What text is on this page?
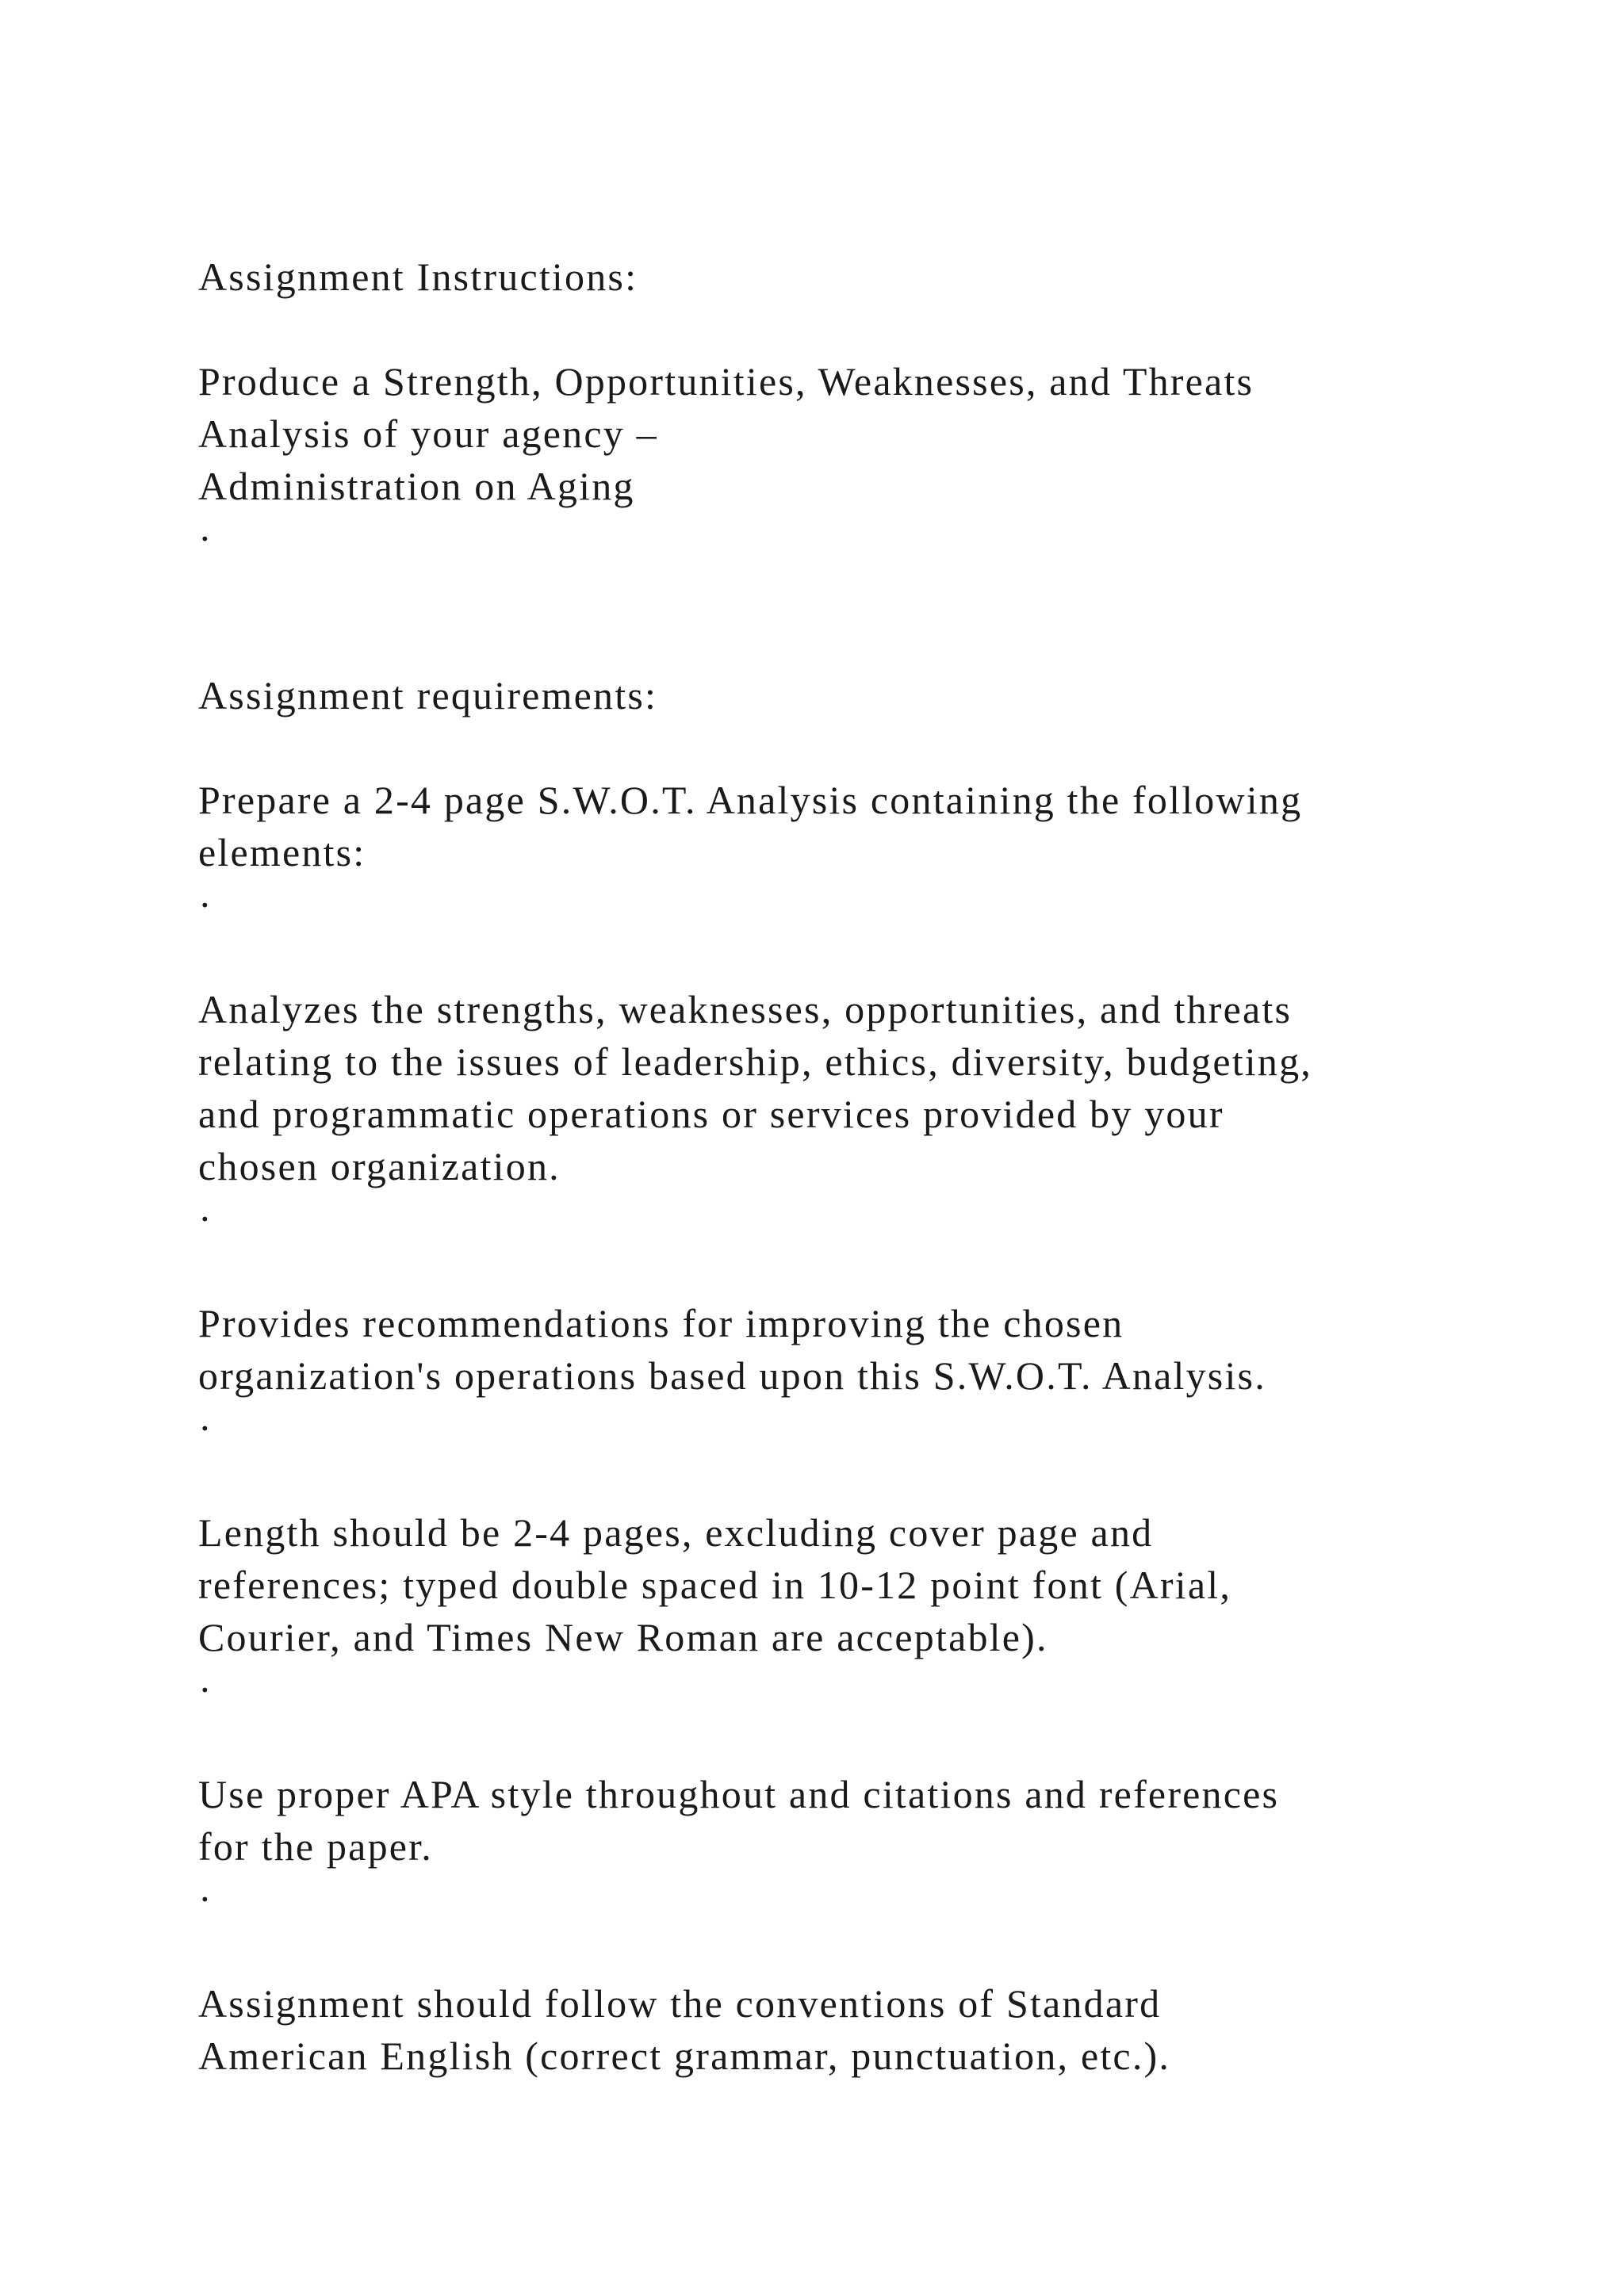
Assignment Instructions:
Produce a Strength, Opportunities, Weaknesses, and Threats
Analysis of your agency –
Administration on Aging
·
Assignment requirements:
Prepare a 2-4 page S.W.O.T. Analysis containing the following
elements:
·
Analyzes the strengths, weaknesses, opportunities, and threats
relating to the issues of leadership, ethics, diversity, budgeting,
and programmatic operations or services provided by your
chosen organization.
·
Provides recommendations for improving the chosen
organization's operations based upon this S.W.O.T. Analysis.
·
Length should be 2-4 pages, excluding cover page and
references; typed double spaced in 10-12 point font (Arial,
Courier, and Times New Roman are acceptable).
·
Use proper APA style throughout and citations and references
for the paper.
·
Assignment should follow the conventions of Standard
American English (correct grammar, punctuation, etc.).
